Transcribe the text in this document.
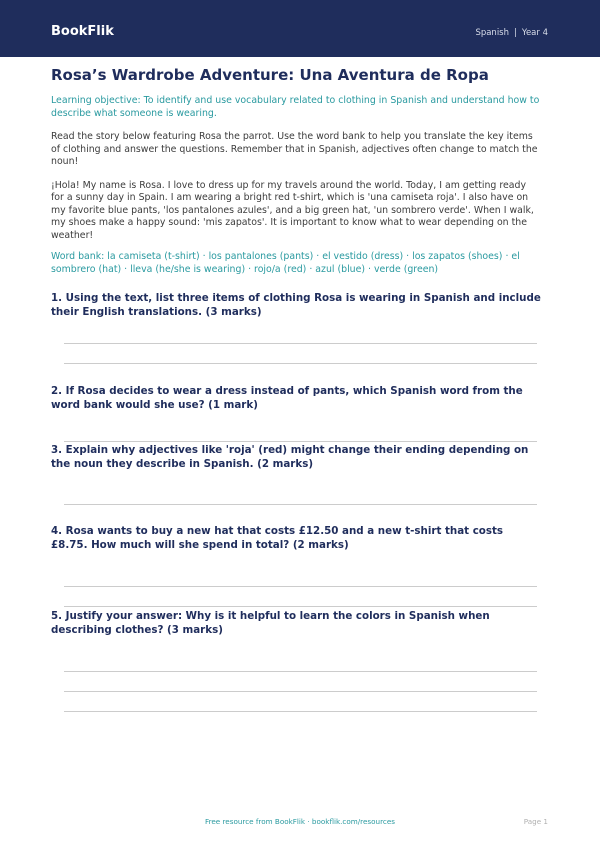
BookFlik	Spanish | Year 4
Rosa’s Wardrobe Adventure: Una Aventura de Ropa
Learning objective: To identify and use vocabulary related to clothing in Spanish and understand how to describe what someone is wearing.
Read the story below featuring Rosa the parrot. Use the word bank to help you translate the key items of clothing and answer the questions. Remember that in Spanish, adjectives often change to match the noun!
¡Hola! My name is Rosa. I love to dress up for my travels around the world. Today, I am getting ready for a sunny day in Spain. I am wearing a bright red t-shirt, which is 'una camiseta roja'. I also have on my favorite blue pants, 'los pantalones azules', and a big green hat, 'un sombrero verde'. When I walk, my shoes make a happy sound: 'mis zapatos'. It is important to know what to wear depending on the weather!
Word bank: la camiseta (t-shirt) · los pantalones (pants) · el vestido (dress) · los zapatos (shoes) · el sombrero (hat) · lleva (he/she is wearing) · rojo/a (red) · azul (blue) · verde (green)
1. Using the text, list three items of clothing Rosa is wearing in Spanish and include their English translations. (3 marks)
2. If Rosa decides to wear a dress instead of pants, which Spanish word from the word bank would she use? (1 mark)
3. Explain why adjectives like 'roja' (red) might change their ending depending on the noun they describe in Spanish. (2 marks)
4. Rosa wants to buy a new hat that costs £12.50 and a new t-shirt that costs £8.75. How much will she spend in total? (2 marks)
5. Justify your answer: Why is it helpful to learn the colors in Spanish when describing clothes? (3 marks)
Free resource from BookFlik · bookflik.com/resources	Page 1
